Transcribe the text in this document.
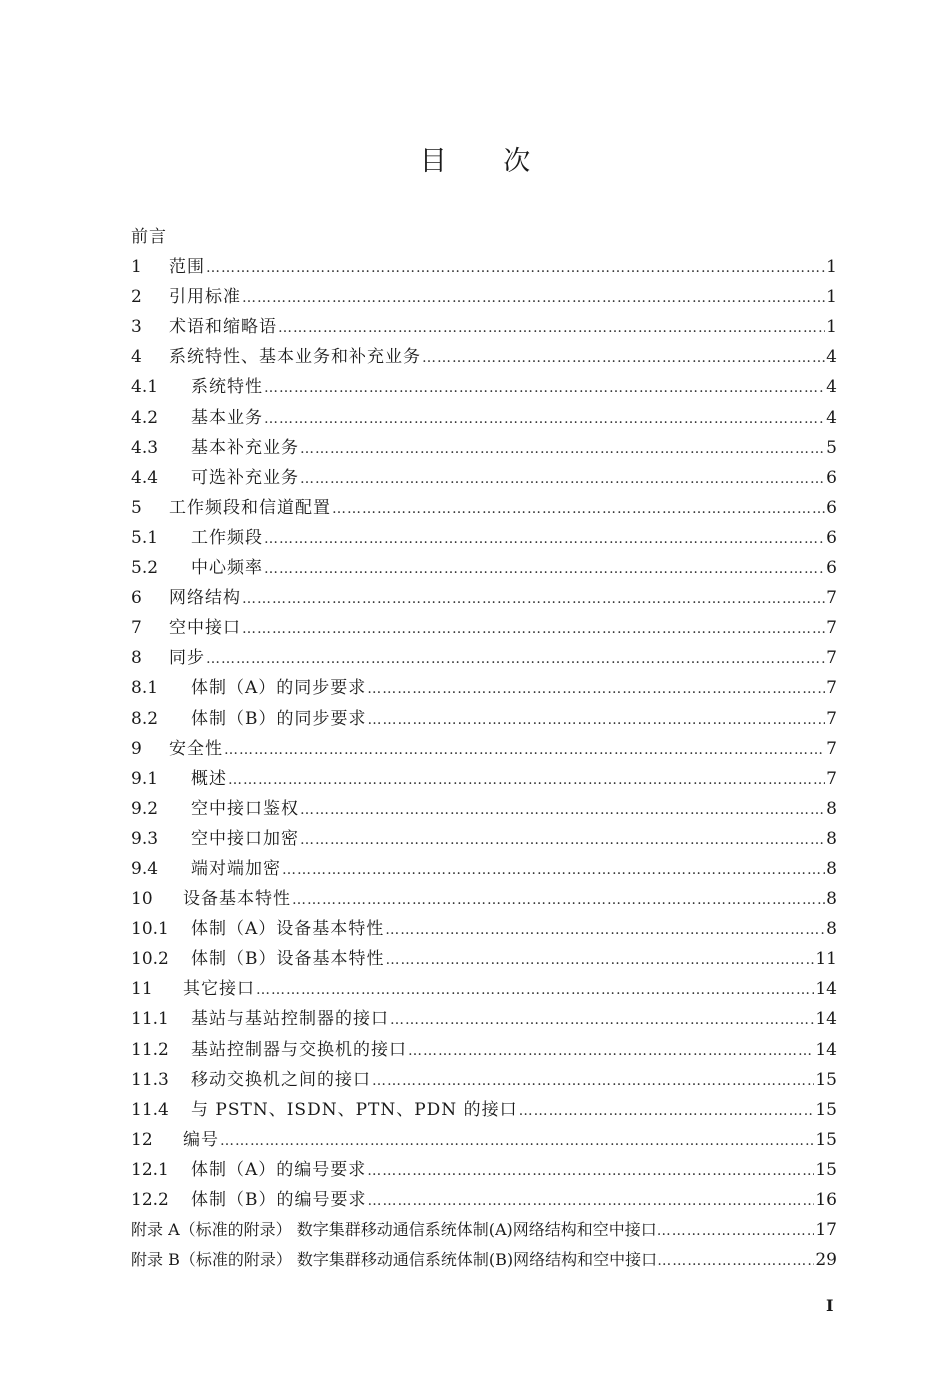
目 次
前言
1	范围 ……………………………………………………………………………………………………………………………………………………………………………………………………………………	1
2	引用标准 ……………………………………………………………………………………………………………………………………………………………………………………………………………………	1
3	术语和缩略语 ……………………………………………………………………………………………………………………………………………………………………………………………………………………	1
4	系统特性、基本业务和补充业务 ……………………………………………………………………………………………………………………………………………………………………………………………………………………	4
4.1	系统特性 ……………………………………………………………………………………………………………………………………………………………………………………………………………………	4
4.2	基本业务 ……………………………………………………………………………………………………………………………………………………………………………………………………………………	4
4.3	基本补充业务 ……………………………………………………………………………………………………………………………………………………………………………………………………………………	5
4.4	可选补充业务 ……………………………………………………………………………………………………………………………………………………………………………………………………………………	6
5	工作频段和信道配置 ……………………………………………………………………………………………………………………………………………………………………………………………………………………	6
5.1	工作频段 ……………………………………………………………………………………………………………………………………………………………………………………………………………………	6
5.2	中心频率 ……………………………………………………………………………………………………………………………………………………………………………………………………………………	6
6	网络结构 ……………………………………………………………………………………………………………………………………………………………………………………………………………………	7
7	空中接口 ……………………………………………………………………………………………………………………………………………………………………………………………………………………	7
8	同步 ……………………………………………………………………………………………………………………………………………………………………………………………………………………	7
8.1	体制（A）的同步要求 ……………………………………………………………………………………………………………………………………………………………………………………………………………………	7
8.2	体制（B）的同步要求 ……………………………………………………………………………………………………………………………………………………………………………………………………………………	7
9	安全性 ……………………………………………………………………………………………………………………………………………………………………………………………………………………	7
9.1	概述 ……………………………………………………………………………………………………………………………………………………………………………………………………………………	7
9.2	空中接口鉴权 ……………………………………………………………………………………………………………………………………………………………………………………………………………………	8
9.3	空中接口加密 ……………………………………………………………………………………………………………………………………………………………………………………………………………………	8
9.4	端对端加密 ……………………………………………………………………………………………………………………………………………………………………………………………………………………	8
10	设备基本特性 ……………………………………………………………………………………………………………………………………………………………………………………………………………………	8
10.1	体制（A）设备基本特性 ……………………………………………………………………………………………………………………………………………………………………………………………………………………	8
10.2	体制（B）设备基本特性 ……………………………………………………………………………………………………………………………………………………………………………………………………………………	11
11	其它接口 ……………………………………………………………………………………………………………………………………………………………………………………………………………………	14
11.1	基站与基站控制器的接口 ……………………………………………………………………………………………………………………………………………………………………………………………………………………	14
11.2	基站控制器与交换机的接口 ……………………………………………………………………………………………………………………………………………………………………………………………………………………	14
11.3	移动交换机之间的接口 ……………………………………………………………………………………………………………………………………………………………………………………………………………………	15
11.4	与 PSTN、ISDN、PTN、PDN 的接口 ……………………………………………………………………………………………………………………………………………………………………………………………………………………	15
12	编号 ……………………………………………………………………………………………………………………………………………………………………………………………………………………	15
12.1	体制（A）的编号要求 ……………………………………………………………………………………………………………………………………………………………………………………………………………………	15
12.2	体制（B）的编号要求 ……………………………………………………………………………………………………………………………………………………………………………………………………………………	16
附录 A（标准的附录） 数字集群移动通信系统体制(A)网络结构和空中接口 ……………………………………………………………………………………………………………………………………………………………………………………………………………………	17
附录 B（标准的附录） 数字集群移动通信系统体制(B)网络结构和空中接口 ……………………………………………………………………………………………………………………………………………………………………………………………………………………	29
I
